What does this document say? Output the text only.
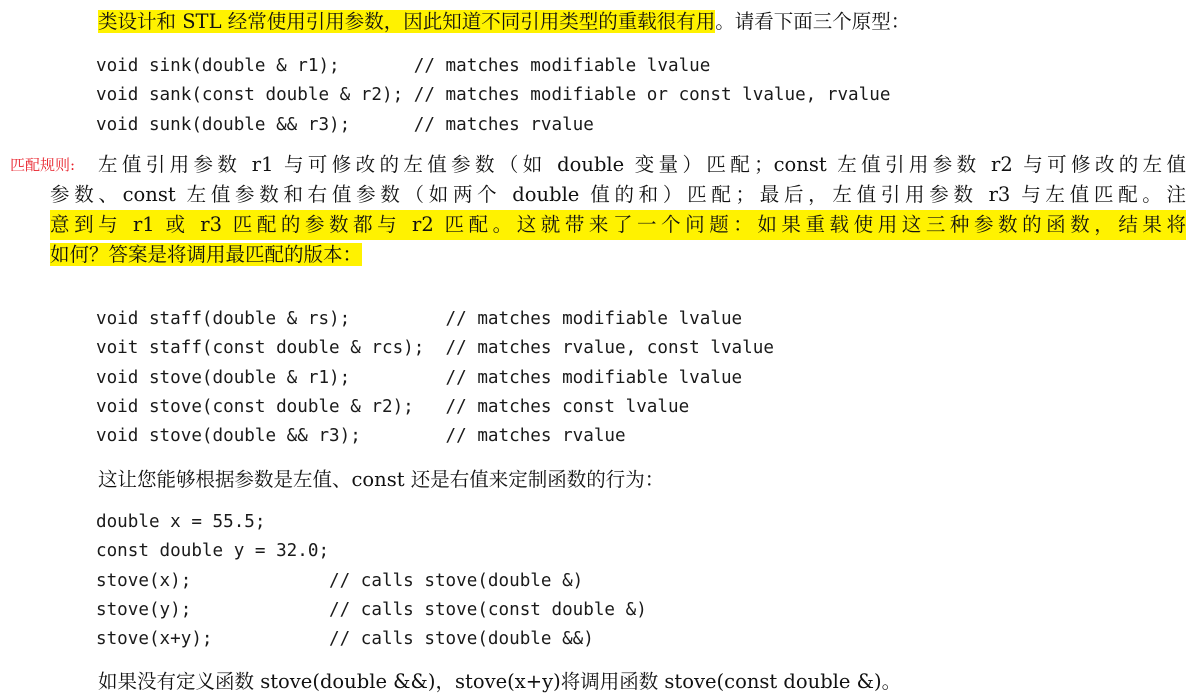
类设计和 STL 经常使用引用参数，因此知道不同引用类型的重载很有用。请看下面三个原型：

void sink(double & r1);       // matches modifiable lvalue
void sank(const double & r2); // matches modifiable or const lvalue, rvalue
void sunk(double && r3);      // matches rvalue
匹配规则: 左值引用参数 r1 与可修改的左值参数（如 double 变量）匹配；const 左值引用参数 r2 与可修改的左值
参数、const 左值参数和右值参数（如两个 double 值的和）匹配；最后，左值引用参数 r3 与左值匹配。注
意到与 r1 或 r3 匹配的参数都与 r2 匹配。这就带来了一个问题：如果重载使用这三种参数的函数，结果将
如何？答案是将调用最匹配的版本：
void staff(double & rs);         // matches modifiable lvalue
voit staff(const double & rcs);  // matches rvalue, const lvalue
void stove(double & r1);         // matches modifiable lvalue
void stove(const double & r2);   // matches const lvalue
void stove(double && r3);        // matches rvalue

这让您能够根据参数是左值、const 还是右值来定制函数的行为：

double x = 55.5;
const double y = 32.0;
stove(x);             // calls stove(double &)
stove(y);             // calls stove(const double &)
stove(x+y);           // calls stove(double &&)

如果没有定义函数 stove(double &&)，stove(x+y)将调用函数 stove(const double &)。
